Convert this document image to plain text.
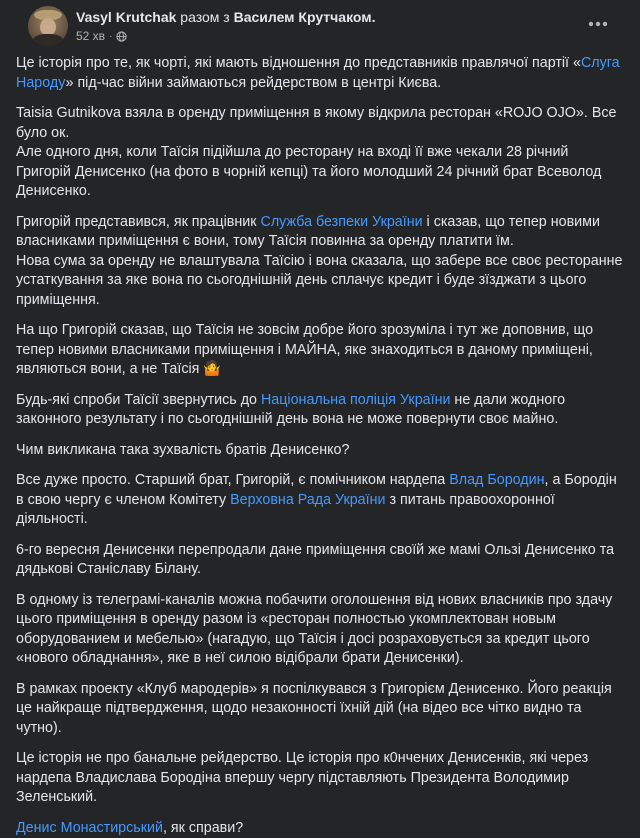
Vasyl Krutchak разом з Василем Крутчаком.
52 хв ·

Це історія про те, як чорті, які мають відношення до представників правлячої партії «Слуга Народу» під-час війни займаються рейдерством в центрі Києва.

Taisia Gutnikova взяла в оренду приміщення в якому відкрила ресторан «ROJO OJO». Все було ок.
Але одного дня, коли Таїсія підійшла до ресторану на вході її вже чекали 28 річний Григорій Денисенко (на фото в чорній кепці) та його молодший 24 річний брат Всеволод Денисенко.

Григорій представився, як працівник Служба безпеки України і сказав, що тепер новими власниками приміщення є вони, тому Таїсія повинна за оренду платити їм.
Нова сума за оренду не влаштувала Таїсію і вона сказала, що забере все своє ресторанне устаткування за яке вона по сьогоднішній день сплачує кредит і буде зїзджати з цього приміщення.

На що Григорій сказав, що Таїсія не зовсім добре його зрозуміла і тут же доповнив, що тепер новими власниками приміщення і МАЙНА, яке знаходиться в даному приміщені, являються вони, а не Таїсія 🤷

Будь-які спроби Таїсії звернутись до Національна поліція України не дали жодного законного результату і по сьогоднішній день вона не може повернути своє майно.

Чим викликана така зухвалість братів Денисенко?

Все дуже просто. Старший брат, Григорій, є помічником нардепа Влад Бородин, а Бородін в свою чергу є членом Комітету Верховна Рада України з питань правоохоронної діяльності.

6-го вересня Денисенки перепродали дане приміщення своїй же мамі Ользі Денисенко та дядькові Станіславу Білану.

В одному із телеграмі-каналів можна побачити оголошення від нових власників про здачу цього приміщення в оренду разом із «ресторан полностью укомплектован новым оборудованием и мебелью» (нагадую, що Таїсія і досі розраховується за кредит цього «нового обладнання», яке в неї силою відібрали брати Денисенки).

В рамках проекту «Клуб мародерів» я поспілкувався з Григорієм Денисенко. Його реакція це найкраще підтвердження, щодо незаконності їхній дій (на відео все чітко видно та чутно).

Це історія не про банальне рейдерство. Це історія про к0нчених Денисенків, які через нардепа Владислава Бородіна впершу чергу підставляють Президента Володимир Зеленський.

Денис Монастирський, як справи?
